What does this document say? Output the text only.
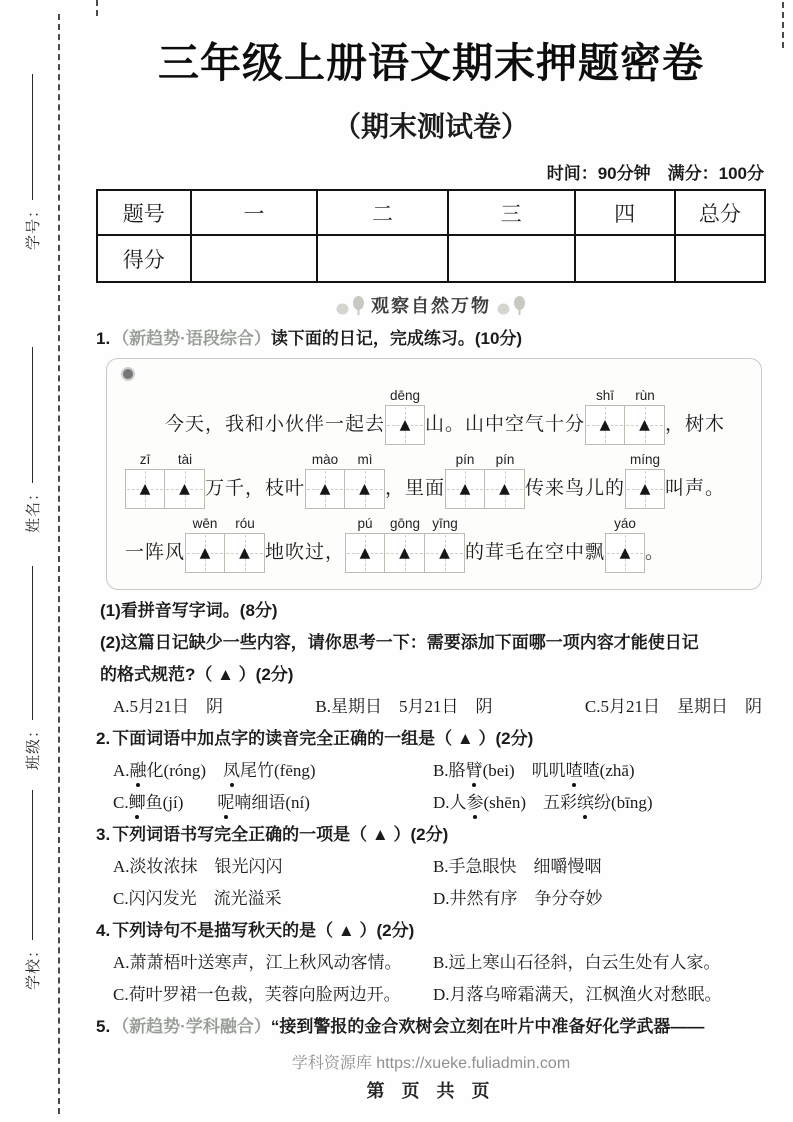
学号：
姓名：
班级：
学校：
三年级上册语文期末押题密卷
（期末测试卷）
时间：90分钟　满分：100分
题号	一	二	三	四	总分
得分					
观察自然万物
1. （新趋势·语段综合）读下面的日记，完成练习。(10分)
今天，我和小伙伴一起去
dēng
▲ 山。山中空气十分
shī
▲
rùn
▲ ，树木
zī
▲
tài
▲ 万千，枝叶
mào
▲
mì
▲ ，里面
pín
▲
pín
▲ 传来鸟儿的
míng
▲ 叫声。
一阵风
wēn
▲
róu
▲ 地吹过，
pú
▲
gōng
▲
yīng
▲ 的茸毛在空中飘
yáo
▲ 。
(1)看拼音写字词。(8分)
(2)这篇日记缺少一些内容，请你思考一下：需要添加下面哪一项内容才能使日记
的格式规范?（ ▲ ）(2分)
A.5月21日　阴	B.星期日　5月21日　阴	C.5月21日　星期日　阴
2. 下面词语中加点字的读音完全正确的一组是（ ▲ ）(2分)
A.融化(róng)　凤尾竹(fēng)	B.胳臂(bei)　叽叽喳喳(zhā)
C.鲫鱼(jí)　　呢喃细语(ní)	D.人参(shēn)　五彩缤纷(bīng)
3. 下列词语书写完全正确的一项是（ ▲ ）(2分)
A.淡妆浓抹　银光闪闪	B.手急眼快　细嚼慢咽
C.闪闪发光　流光溢采	D.井然有序　争分夺妙
4. 下列诗句不是描写秋天的是（ ▲ ）(2分)
A.萧萧梧叶送寒声，江上秋风动客情。	B.远上寒山石径斜，白云生处有人家。
C.荷叶罗裙一色裁，芙蓉向脸两边开。	D.月落乌啼霜满天，江枫渔火对愁眠。
5. （新趋势·学科融合）“接到警报的金合欢树会立刻在叶片中准备好化学武器——
学科资源库 https://xueke.fuliadmin.com
第 页 共 页
